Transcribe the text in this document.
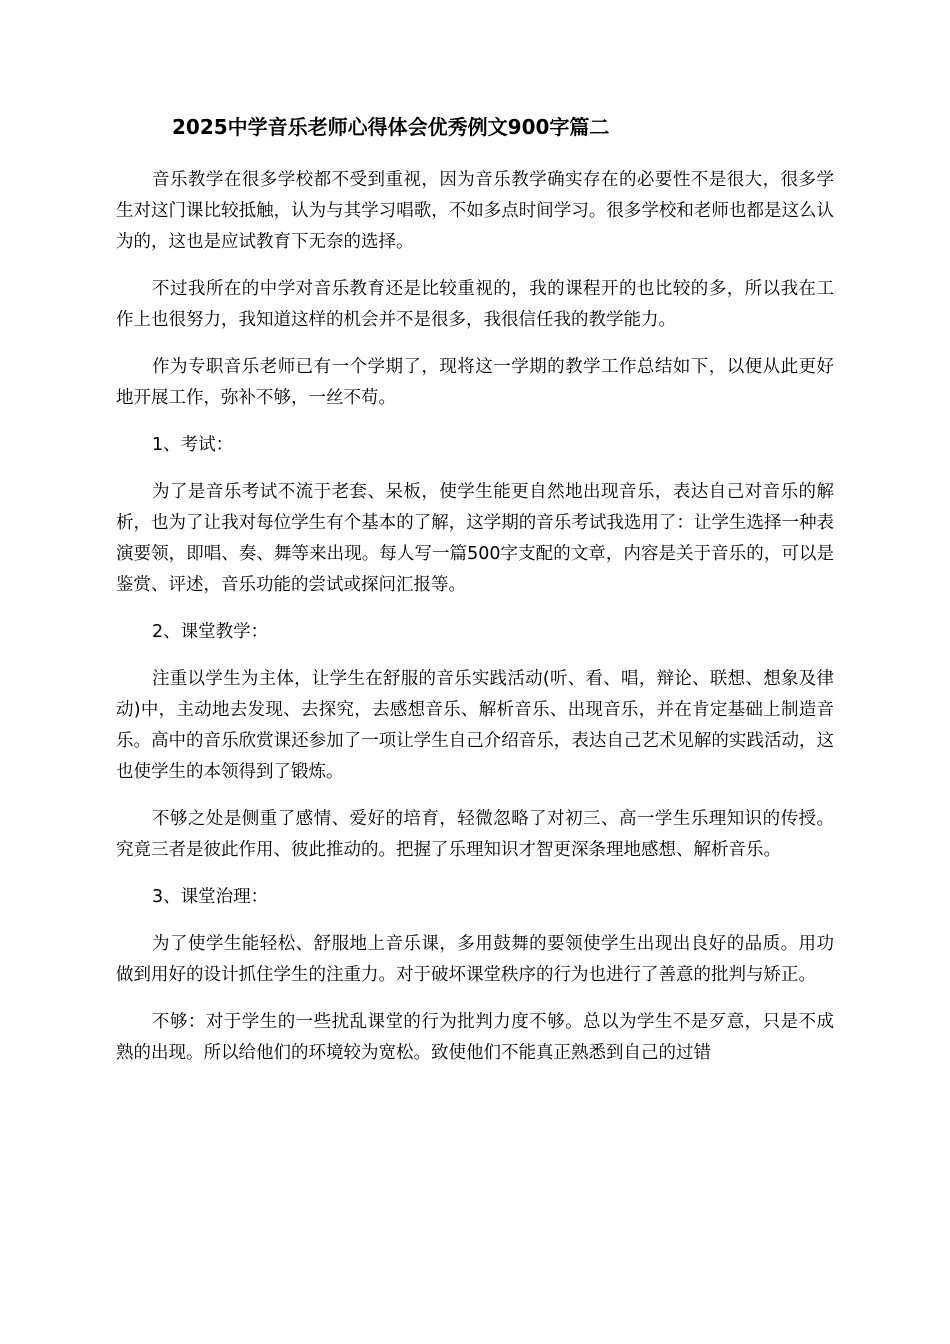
2025中学音乐老师心得体会优秀例文900字篇二

音乐教学在很多学校都不受到重视，因为音乐教学确实存在的必要性不是很大，很多学生对这门课比较抵触，认为与其学习唱歌，不如多点时间学习。很多学校和老师也都是这么认为的，这也是应试教育下无奈的选择。

不过我所在的中学对音乐教育还是比较重视的，我的课程开的也比较的多，所以我在工作上也很努力，我知道这样的机会并不是很多，我很信任我的教学能力。

作为专职音乐老师已有一个学期了，现将这一学期的教学工作总结如下，以便从此更好地开展工作，弥补不够，一丝不苟。

1、考试：

为了是音乐考试不流于老套、呆板，使学生能更自然地出现音乐，表达自己对音乐的解析，也为了让我对每位学生有个基本的了解，这学期的音乐考试我选用了：让学生选择一种表演要领，即唱、奏、舞等来出现。每人写一篇500字支配的文章，内容是关于音乐的，可以是鉴赏、评述，音乐功能的尝试或探问汇报等。

2、课堂教学：

注重以学生为主体，让学生在舒服的音乐实践活动(听、看、唱，辩论、联想、想象及律动)中，主动地去发现、去探究，去感想音乐、解析音乐、出现音乐，并在肯定基础上制造音乐。高中的音乐欣赏课还参加了一项让学生自己介绍音乐，表达自己艺术见解的实践活动，这也使学生的本领得到了锻炼。

不够之处是侧重了感情、爱好的培育，轻微忽略了对初三、高一学生乐理知识的传授。究竟三者是彼此作用、彼此推动的。把握了乐理知识才智更深条理地感想、解析音乐。

3、课堂治理：

为了使学生能轻松、舒服地上音乐课，多用鼓舞的要领使学生出现出良好的品质。用功做到用好的设计抓住学生的注重力。对于破坏课堂秩序的行为也进行了善意的批判与矫正。

不够：对于学生的一些扰乱课堂的行为批判力度不够。总以为学生不是歹意，只是不成熟的出现。所以给他们的环境较为宽松。致使他们不能真正熟悉到自己的过错
